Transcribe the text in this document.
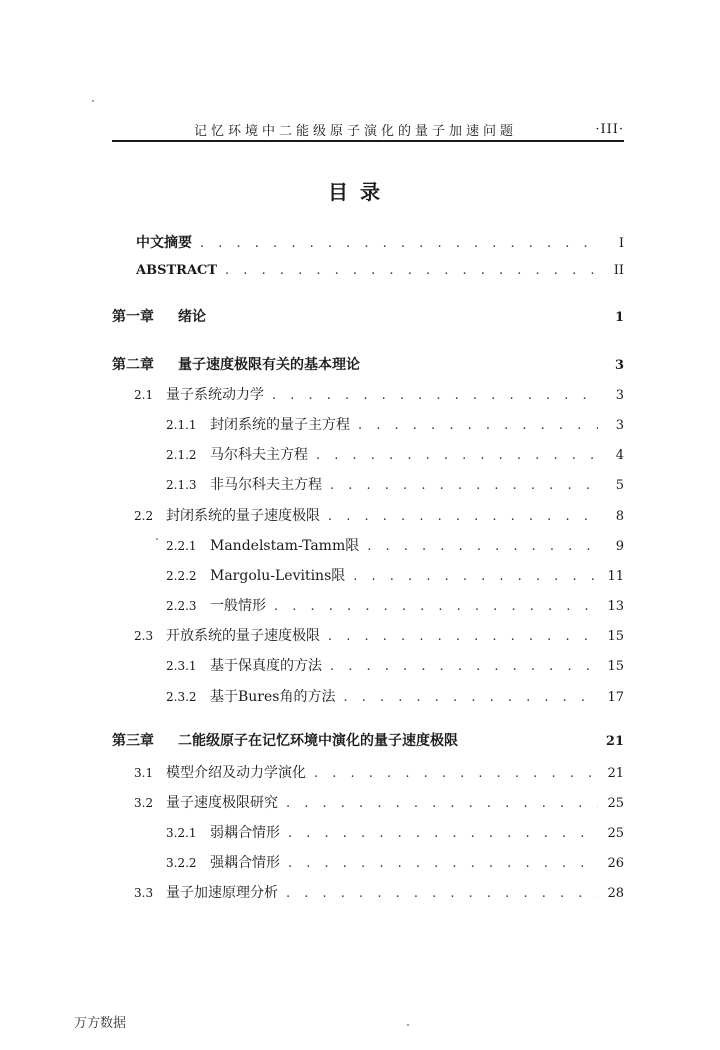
记忆环境中二能级原子演化的量子加速问题	·III·
目录
中文摘要 . . .	I
ABSTRACT . . .	II
第一章	绪论	1
第二章	量子速度极限有关的基本理论	3
2.1 量子系统动力学 . . .	3
2.1.1 封闭系统的量子主方程 . . .	3
2.1.2 马尔科夫主方程 . . .	4
2.1.3 非马尔科夫主方程 . . .	5
2.2 封闭系统的量子速度极限 . . .	8
2.2.1 Mandelstam-Tamm限 . . .	9
2.2.2 Margolu-Levitins限 . . .	11
2.2.3 一般情形 . . .	13
2.3 开放系统的量子速度极限 . . .	15
2.3.1 基于保真度的方法 . . .	15
2.3.2 基于Bures角的方法 . . .	17
第三章	二能级原子在记忆环境中演化的量子速度极限	21
3.1 模型介绍及动力学演化 . . .	21
3.2 量子速度极限研究 . . .	25
3.2.1 弱耦合情形 . . .	25
3.2.2 强耦合情形 . . .	26
3.3 量子加速原理分析 . . .	28
万方数据
